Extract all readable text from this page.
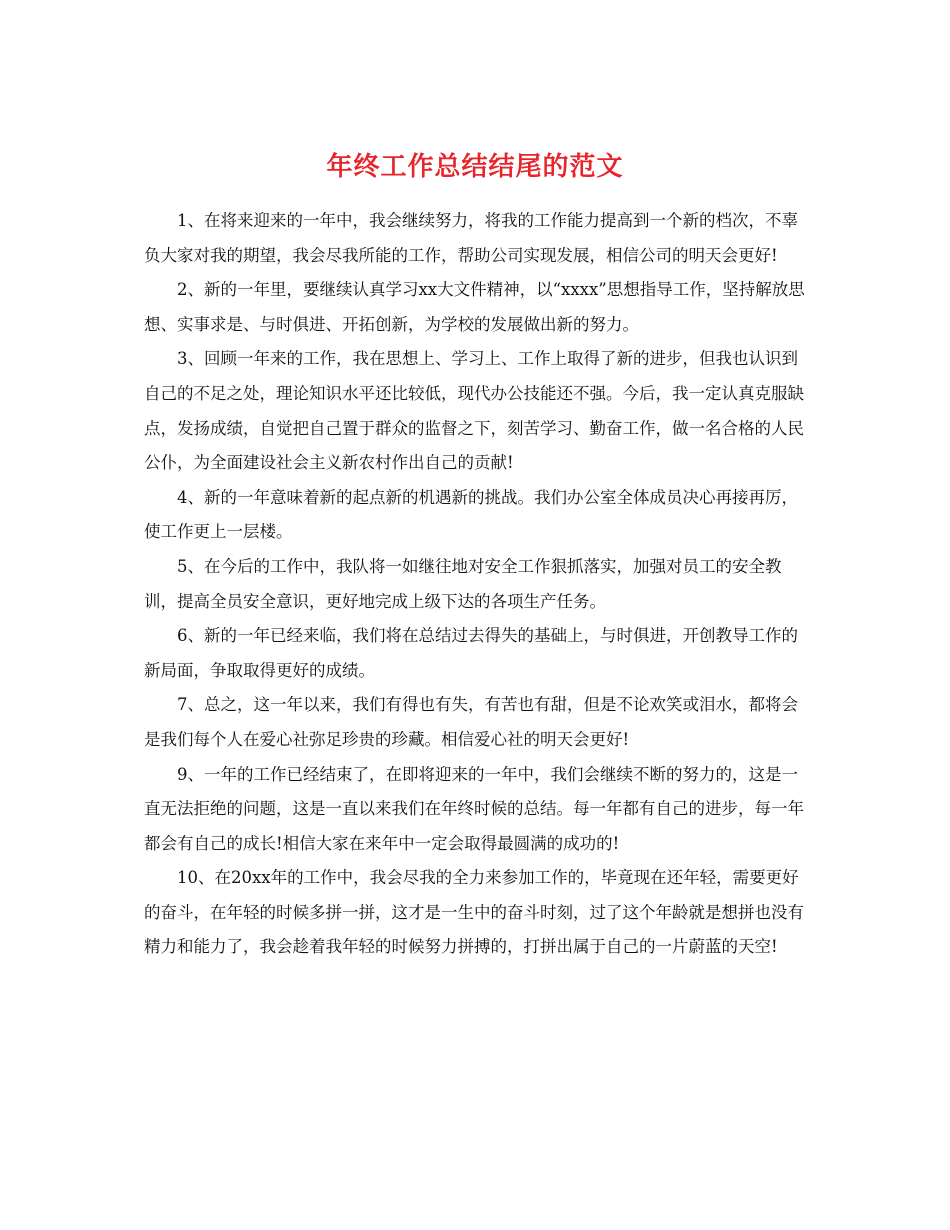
年终工作总结结尾的范文

1、在将来迎来的一年中，我会继续努力，将我的工作能力提高到一个新的档次，不辜负大家对我的期望，我会尽我所能的工作，帮助公司实现发展，相信公司的明天会更好!

2、新的一年里，要继续认真学习xx大文件精神，以“xxxx”思想指导工作，坚持解放思想、实事求是、与时俱进、开拓创新，为学校的发展做出新的努力。

3、回顾一年来的工作，我在思想上、学习上、工作上取得了新的进步，但我也认识到自己的不足之处，理论知识水平还比较低，现代办公技能还不强。今后，我一定认真克服缺点，发扬成绩，自觉把自己置于群众的监督之下，刻苦学习、勤奋工作，做一名合格的人民公仆，为全面建设社会主义新农村作出自己的贡献!

4、新的一年意味着新的起点新的机遇新的挑战。我们办公室全体成员决心再接再厉，使工作更上一层楼。

5、在今后的工作中，我队将一如继往地对安全工作狠抓落实，加强对员工的安全教训，提高全员安全意识，更好地完成上级下达的各项生产任务。

6、新的一年已经来临，我们将在总结过去得失的基础上，与时俱进，开创教导工作的新局面，争取取得更好的成绩。

7、总之，这一年以来，我们有得也有失，有苦也有甜，但是不论欢笑或泪水，都将会是我们每个人在爱心社弥足珍贵的珍藏。相信爱心社的明天会更好!

9、一年的工作已经结束了，在即将迎来的一年中，我们会继续不断的努力的，这是一直无法拒绝的问题，这是一直以来我们在年终时候的总结。每一年都有自己的进步，每一年都会有自己的成长!相信大家在来年中一定会取得最圆满的成功的!

10、在20xx年的工作中，我会尽我的全力来参加工作的，毕竟现在还年轻，需要更好的奋斗，在年轻的时候多拼一拼，这才是一生中的奋斗时刻，过了这个年龄就是想拼也没有精力和能力了，我会趁着我年轻的时候努力拼搏的，打拼出属于自己的一片蔚蓝的天空!
